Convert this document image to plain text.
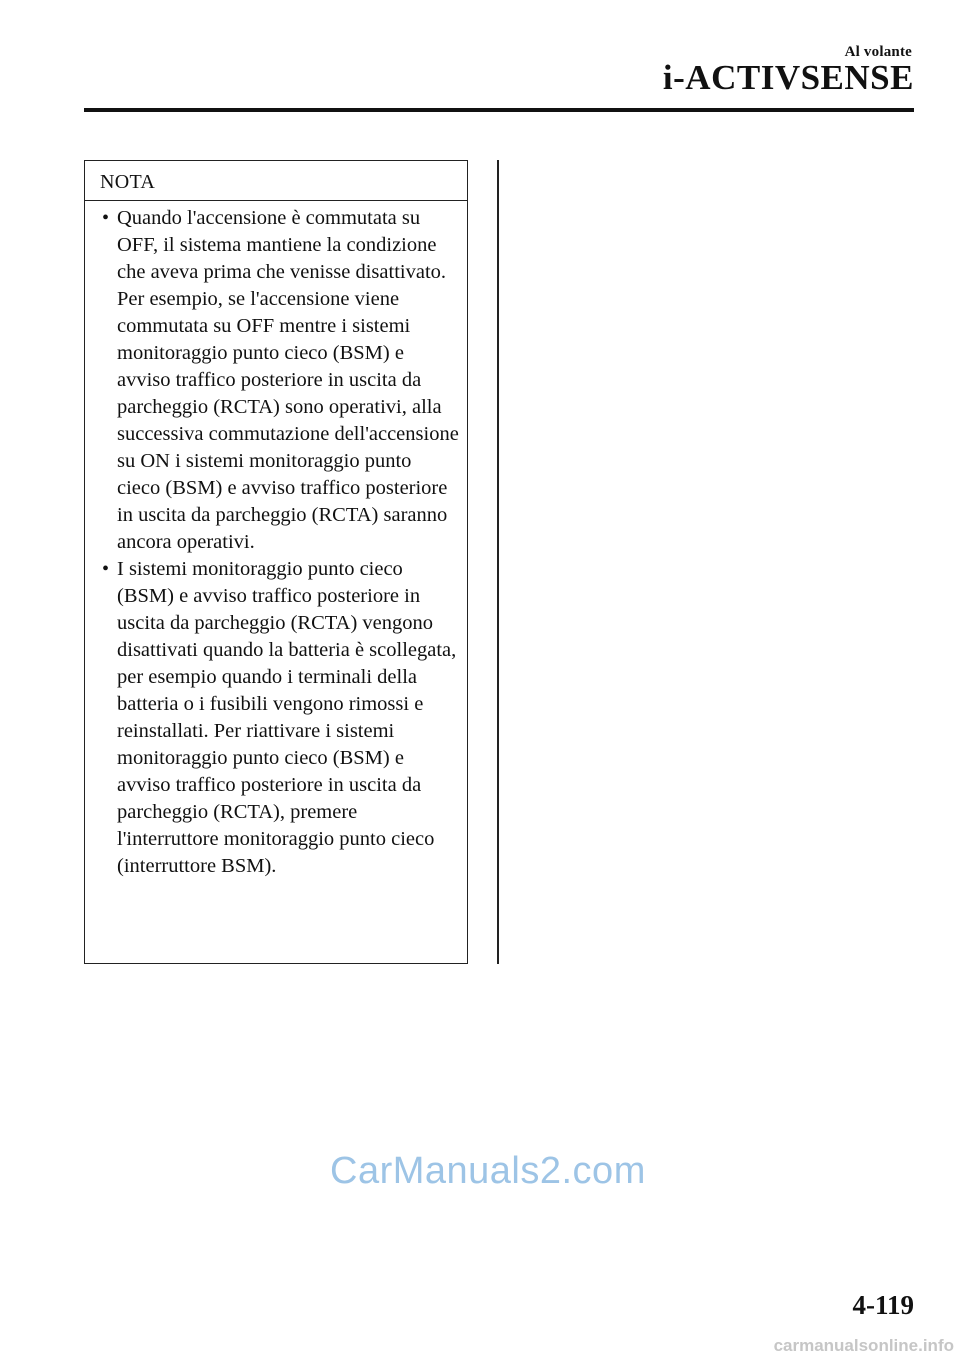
Al volante
i-ACTIVSENSE
NOTA
• Quando l'accensione è commutata su OFF, il sistema mantiene la condizione che aveva prima che venisse disattivato. Per esempio, se l'accensione viene commutata su OFF mentre i sistemi monitoraggio punto cieco (BSM) e avviso traffico posteriore in uscita da parcheggio (RCTA) sono operativi, alla successiva commutazione dell'accensione su ON i sistemi monitoraggio punto cieco (BSM) e avviso traffico posteriore in uscita da parcheggio (RCTA) saranno ancora operativi.
• I sistemi monitoraggio punto cieco (BSM) e avviso traffico posteriore in uscita da parcheggio (RCTA) vengono disattivati quando la batteria è scollegata, per esempio quando i terminali della batteria o i fusibili vengono rimossi e reinstallati. Per riattivare i sistemi monitoraggio punto cieco (BSM) e avviso traffico posteriore in uscita da parcheggio (RCTA), premere l'interruttore monitoraggio punto cieco (interruttore BSM).
CarManuals2.com
4-119
carmanualsonline.info
